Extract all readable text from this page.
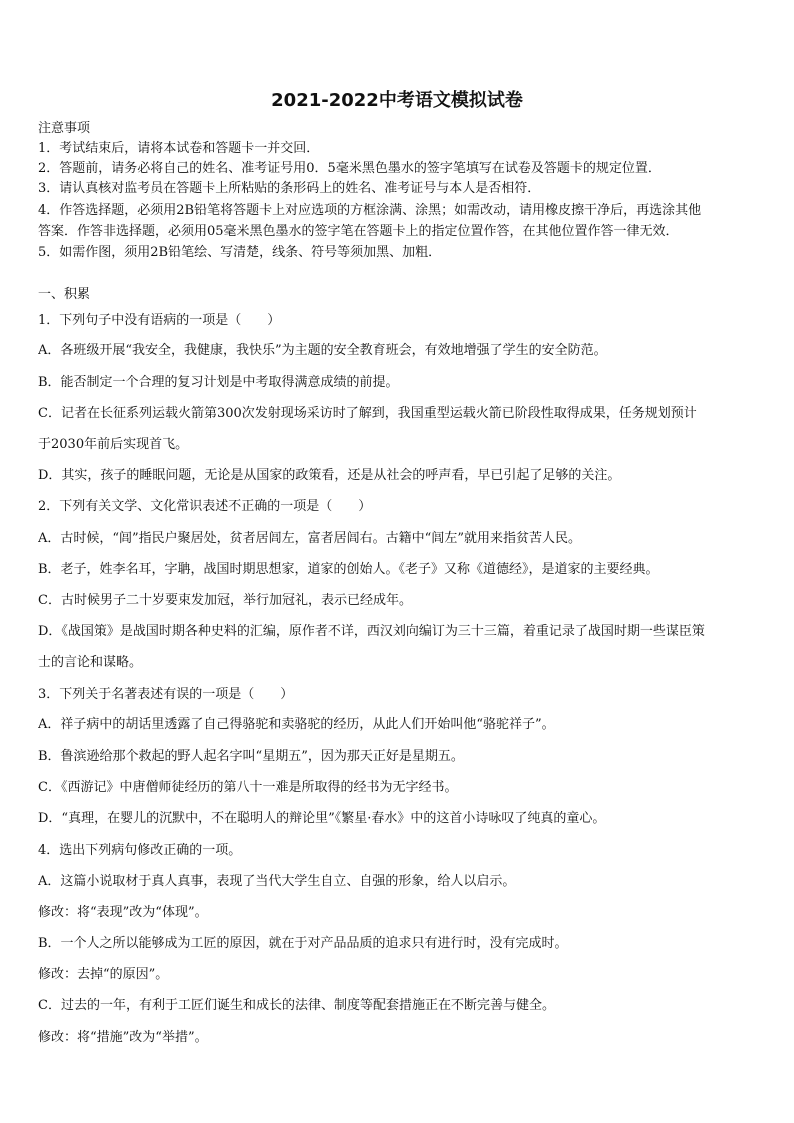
2021-2022中考语文模拟试卷
注意事项
1．考试结束后，请将本试卷和答题卡一并交回．
2．答题前，请务必将自己的姓名、准考证号用0．5毫米黑色墨水的签字笔填写在试卷及答题卡的规定位置．
3．请认真核对监考员在答题卡上所粘贴的条形码上的姓名、准考证号与本人是否相符．
4．作答选择题，必须用2B铅笔将答题卡上对应选项的方框涂满、涂黑；如需改动，请用橡皮擦干净后，再选涂其他
答案．作答非选择题，必须用05毫米黑色墨水的签字笔在答题卡上的指定位置作答，在其他位置作答一律无效．
5．如需作图，须用2B铅笔绘、写清楚，线条、符号等须加黑、加粗．
一、积累
1．下列句子中没有语病的一项是（　　）
A．各班级开展“我安全，我健康，我快乐”为主题的安全教育班会，有效地增强了学生的安全防范。
B．能否制定一个合理的复习计划是中考取得满意成绩的前提。
C．记者在长征系列运载火箭第300次发射现场采访时了解到，我国重型运载火箭已阶段性取得成果，任务规划预计
于2030年前后实现首飞。
D．其实，孩子的睡眠问题，无论是从国家的政策看，还是从社会的呼声看，早已引起了足够的关注。
2．下列有关文学、文化常识表述不正确的一项是（　　）
A．古时候，“闾”指民户聚居处，贫者居闾左，富者居闾右。古籍中“闾左”就用来指贫苦人民。
B．老子，姓李名耳，字聃，战国时期思想家，道家的创始人。《老子》又称《道德经》，是道家的主要经典。
C．古时候男子二十岁要束发加冠，举行加冠礼，表示已经成年。
D．《战国策》是战国时期各种史料的汇编，原作者不详，西汉刘向编订为三十三篇，着重记录了战国时期一些谋臣策
士的言论和谋略。
3．下列关于名著表述有误的一项是（　　）
A．祥子病中的胡话里透露了自己得骆驼和卖骆驼的经历，从此人们开始叫他“骆驼祥子”。
B．鲁滨逊给那个救起的野人起名字叫“星期五”，因为那天正好是星期五。
C．《西游记》中唐僧师徒经历的第八十一难是所取得的经书为无字经书。
D．“真理，在婴儿的沉默中，不在聪明人的辩论里”《繁星·春水》中的这首小诗咏叹了纯真的童心。
4．选出下列病句修改正确的一项。
A．这篇小说取材于真人真事，表现了当代大学生自立、自强的形象，给人以启示。
修改：将“表现”改为“体现”。
B．一个人之所以能够成为工匠的原因，就在于对产品品质的追求只有进行时，没有完成时。
修改：去掉“的原因”。
C．过去的一年，有利于工匠们诞生和成长的法律、制度等配套措施正在不断完善与健全。
修改：将“措施”改为“举措”。
